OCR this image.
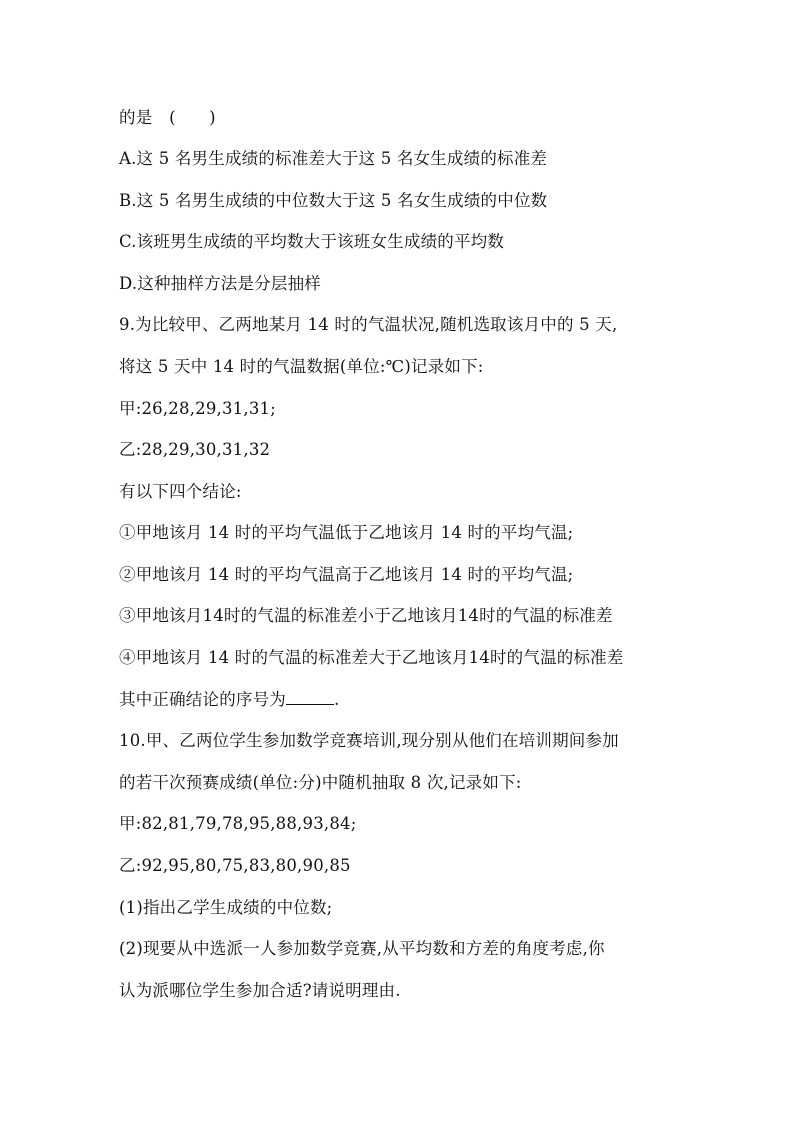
的是　(　　)
A.这 5 名男生成绩的标准差大于这 5 名女生成绩的标准差
B.这 5 名男生成绩的中位数大于这 5 名女生成绩的中位数
C.该班男生成绩的平均数大于该班女生成绩的平均数
D.这种抽样方法是分层抽样
9.为比较甲、乙两地某月 14 时的气温状况,随机选取该月中的 5 天,
将这 5 天中 14 时的气温数据(单位:℃)记录如下:
甲:26,28,29,31,31;
乙:28,29,30,31,32
有以下四个结论:
①甲地该月 14 时的平均气温低于乙地该月 14 时的平均气温;
②甲地该月 14 时的平均气温高于乙地该月 14 时的平均气温;
③甲地该月14时的气温的标准差小于乙地该月14时的气温的标准差
④甲地该月 14 时的气温的标准差大于乙地该月14时的气温的标准差
其中正确结论的序号为	.
10.甲、乙两位学生参加数学竞赛培训,现分别从他们在培训期间参加
的若干次预赛成绩(单位:分)中随机抽取 8 次,记录如下:
甲:82,81,79,78,95,88,93,84;
乙:92,95,80,75,83,80,90,85
(1)指出乙学生成绩的中位数;
(2)现要从中选派一人参加数学竞赛,从平均数和方差的角度考虑,你
认为派哪位学生参加合适?请说明理由.
